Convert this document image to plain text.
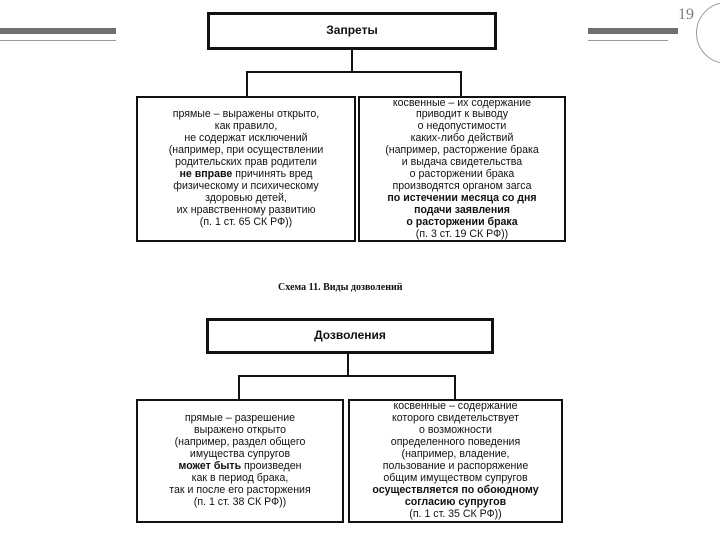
19
Запреты
прямые – выражены открыто,
как правило,
не содержат исключений
(например, при осуществлении
родительских прав родители
не вправе причинять вред
физическому и психическому
здоровью детей,
их нравственному развитию
(п. 1 ст. 65 СК РФ))
косвенные – их содержание
приводит к выводу
о недопустимости
каких-либо действий
(например, расторжение брака
и выдача свидетельства
о расторжении брака
производятся органом загса
по истечении месяца со дня
подачи заявления
о расторжении брака
(п. 3 ст. 19 СК РФ))
Схема 11. Виды дозволений
Дозволения
прямые – разрешение
выражено открыто
(например, раздел общего
имущества супругов
может быть произведен
как в период брака,
так и после его расторжения
(п. 1 ст. 38 СК РФ))
косвенные – содержание
которого свидетельствует
о возможности
определенного поведения
(например, владение,
пользование и распоряжение
общим имуществом супругов
осуществляется по обоюдному
согласию супругов
(п. 1 ст. 35 СК РФ))
